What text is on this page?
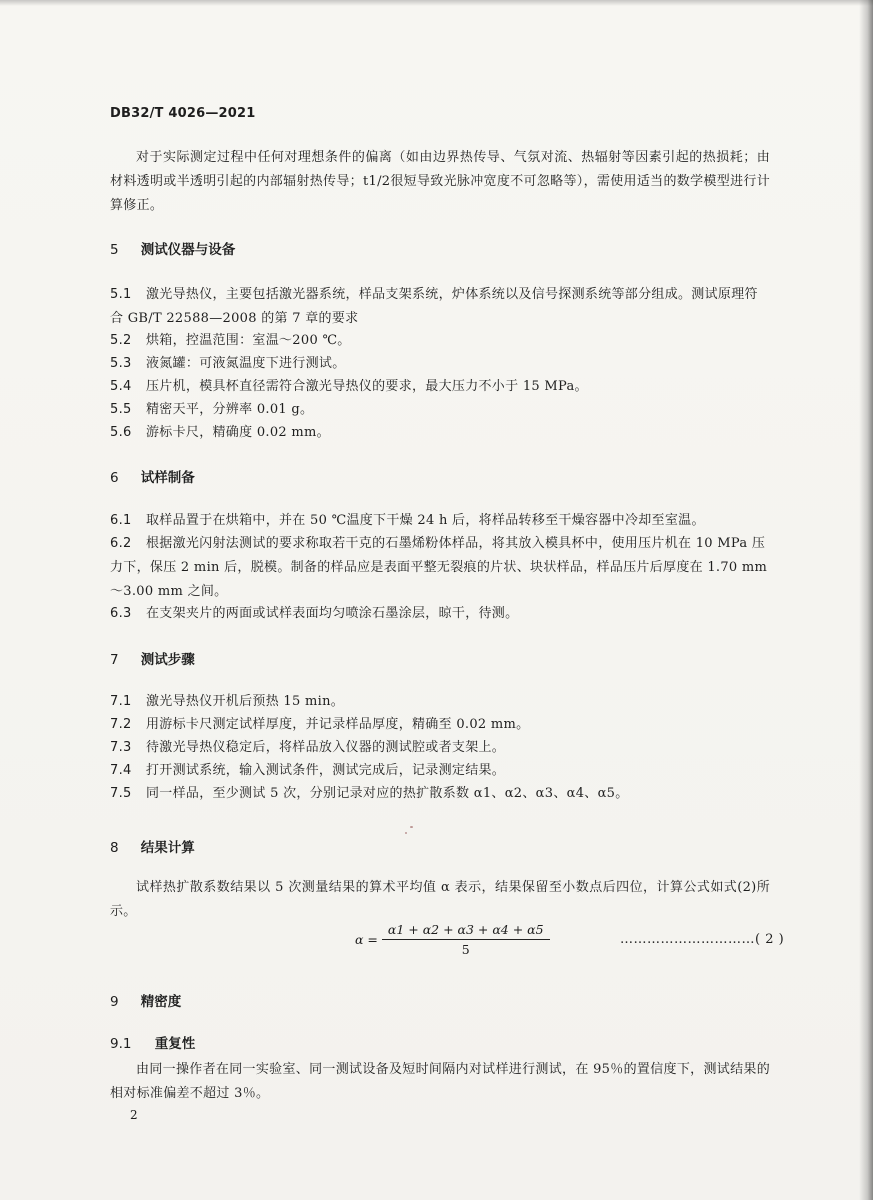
DB32/T 4026—2021
对于实际测定过程中任何对理想条件的偏离（如由边界热传导、气氛对流、热辐射等因素引起的热损耗；由材料透明或半透明引起的内部辐射热传导；t1/2很短导致光脉冲宽度不可忽略等），需使用适当的数学模型进行计算修正。
5 测试仪器与设备
5.1 激光导热仪，主要包括激光器系统，样品支架系统，炉体系统以及信号探测系统等部分组成。测试原理符合 GB/T 22588—2008 的第 7 章的要求
5.2 烘箱，控温范围：室温～200 ℃。
5.3 液氮罐：可液氮温度下进行测试。
5.4 压片机，模具杯直径需符合激光导热仪的要求，最大压力不小于 15 MPa。
5.5 精密天平，分辨率 0.01 g。
5.6 游标卡尺，精确度 0.02 mm。
6 试样制备
6.1 取样品置于在烘箱中，并在 50 ℃温度下干燥 24 h 后，将样品转移至干燥容器中冷却至室温。
6.2 根据激光闪射法测试的要求称取若干克的石墨烯粉体样品，将其放入模具杯中，使用压片机在 10 MPa 压力下，保压 2 min 后，脱模。制备的样品应是表面平整无裂痕的片状、块状样品，样品压片后厚度在 1.70 mm～3.00 mm 之间。
6.3 在支架夹片的两面或试样表面均匀喷涂石墨涂层，晾干，待测。
7 测试步骤
7.1 激光导热仪开机后预热 15 min。
7.2 用游标卡尺测定试样厚度，并记录样品厚度，精确至 0.02 mm。
7.3 待激光导热仪稳定后，将样品放入仪器的测试腔或者支架上。
7.4 打开测试系统，输入测试条件，测试完成后，记录测定结果。
7.5 同一样品，至少测试 5 次，分别记录对应的热扩散系数 α1、α2、α3、α4、α5。
8 结果计算
试样热扩散系数结果以 5 次测量结果的算术平均值 α 表示，结果保留至小数点后四位，计算公式如式(2)所示。
$\alpha = \frac{\alpha 1 + \alpha 2 + \alpha 3 + \alpha 4 + \alpha 5}{5}$	…………………………( 2 )
9 精密度
9.1 重复性
由同一操作者在同一实验室、同一测试设备及短时间隔内对试样进行测试，在 95％的置信度下，测试结果的相对标准偏差不超过 3％。
2
